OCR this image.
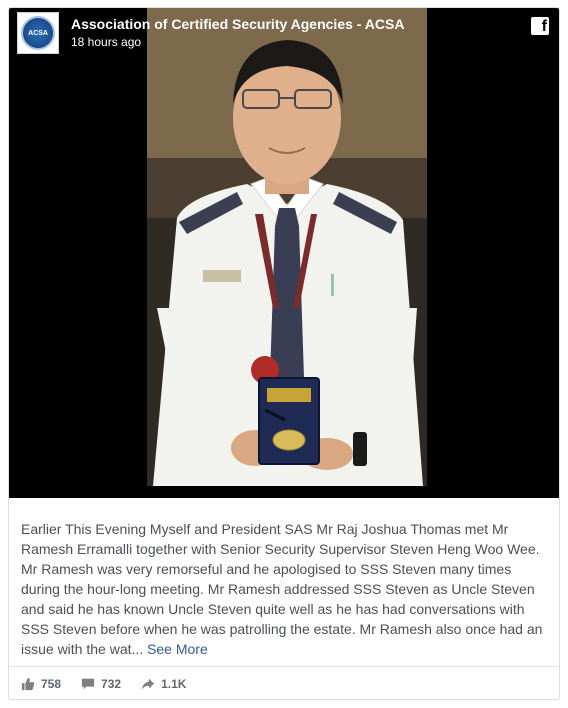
ACSA
Association of Certified Security Agencies - ACSA
18 hours ago
f

Earlier This Evening Myself and President SAS Mr Raj Joshua Thomas met Mr Ramesh Erramalli together with Senior Security Supervisor Steven Heng Woo Wee. Mr Ramesh was very remorseful and he apologised to SSS Steven many times during the hour-long meeting. Mr Ramesh addressed SSS Steven as Uncle Steven and said he has known Uncle Steven quite well as he has had conversations with SSS Steven before when he was patrolling the estate. Mr Ramesh also once had an issue with the wat... See More

758	732	1.1K
